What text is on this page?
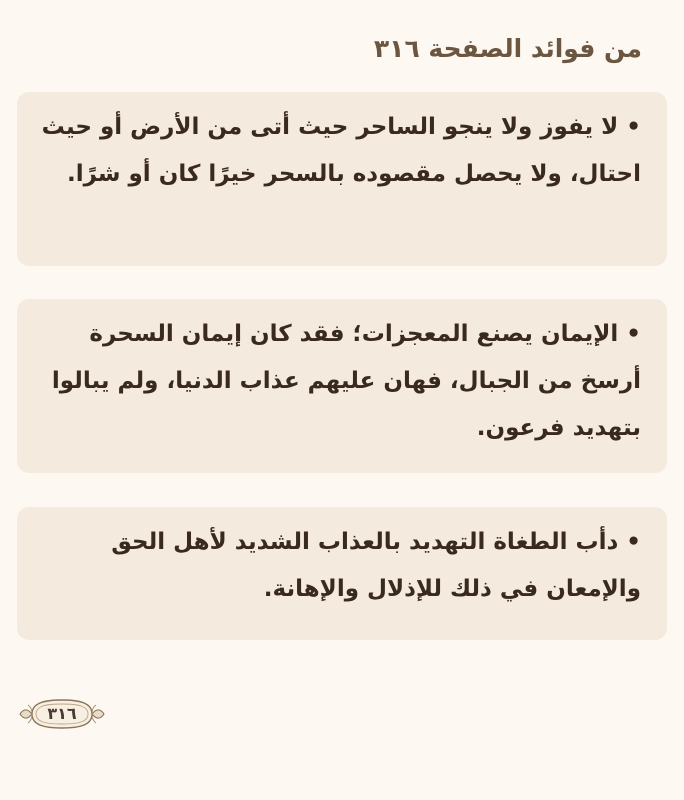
من فوائد الصفحة ٣١٦

• لا يفوز ولا ينجو الساحر حيث أتى من الأرض أو حيث احتال، ولا يحصل مقصوده بالسحر خيرًا كان أو شرًا.

• الإيمان يصنع المعجزات؛ فقد كان إيمان السحرة أرسخ من الجبال، فهان عليهم عذاب الدنيا، ولم يبالوا بتهديد فرعون.

• دأب الطغاة التهديد بالعذاب الشديد لأهل الحق والإمعان في ذلك للإذلال والإهانة.

٣١٦
